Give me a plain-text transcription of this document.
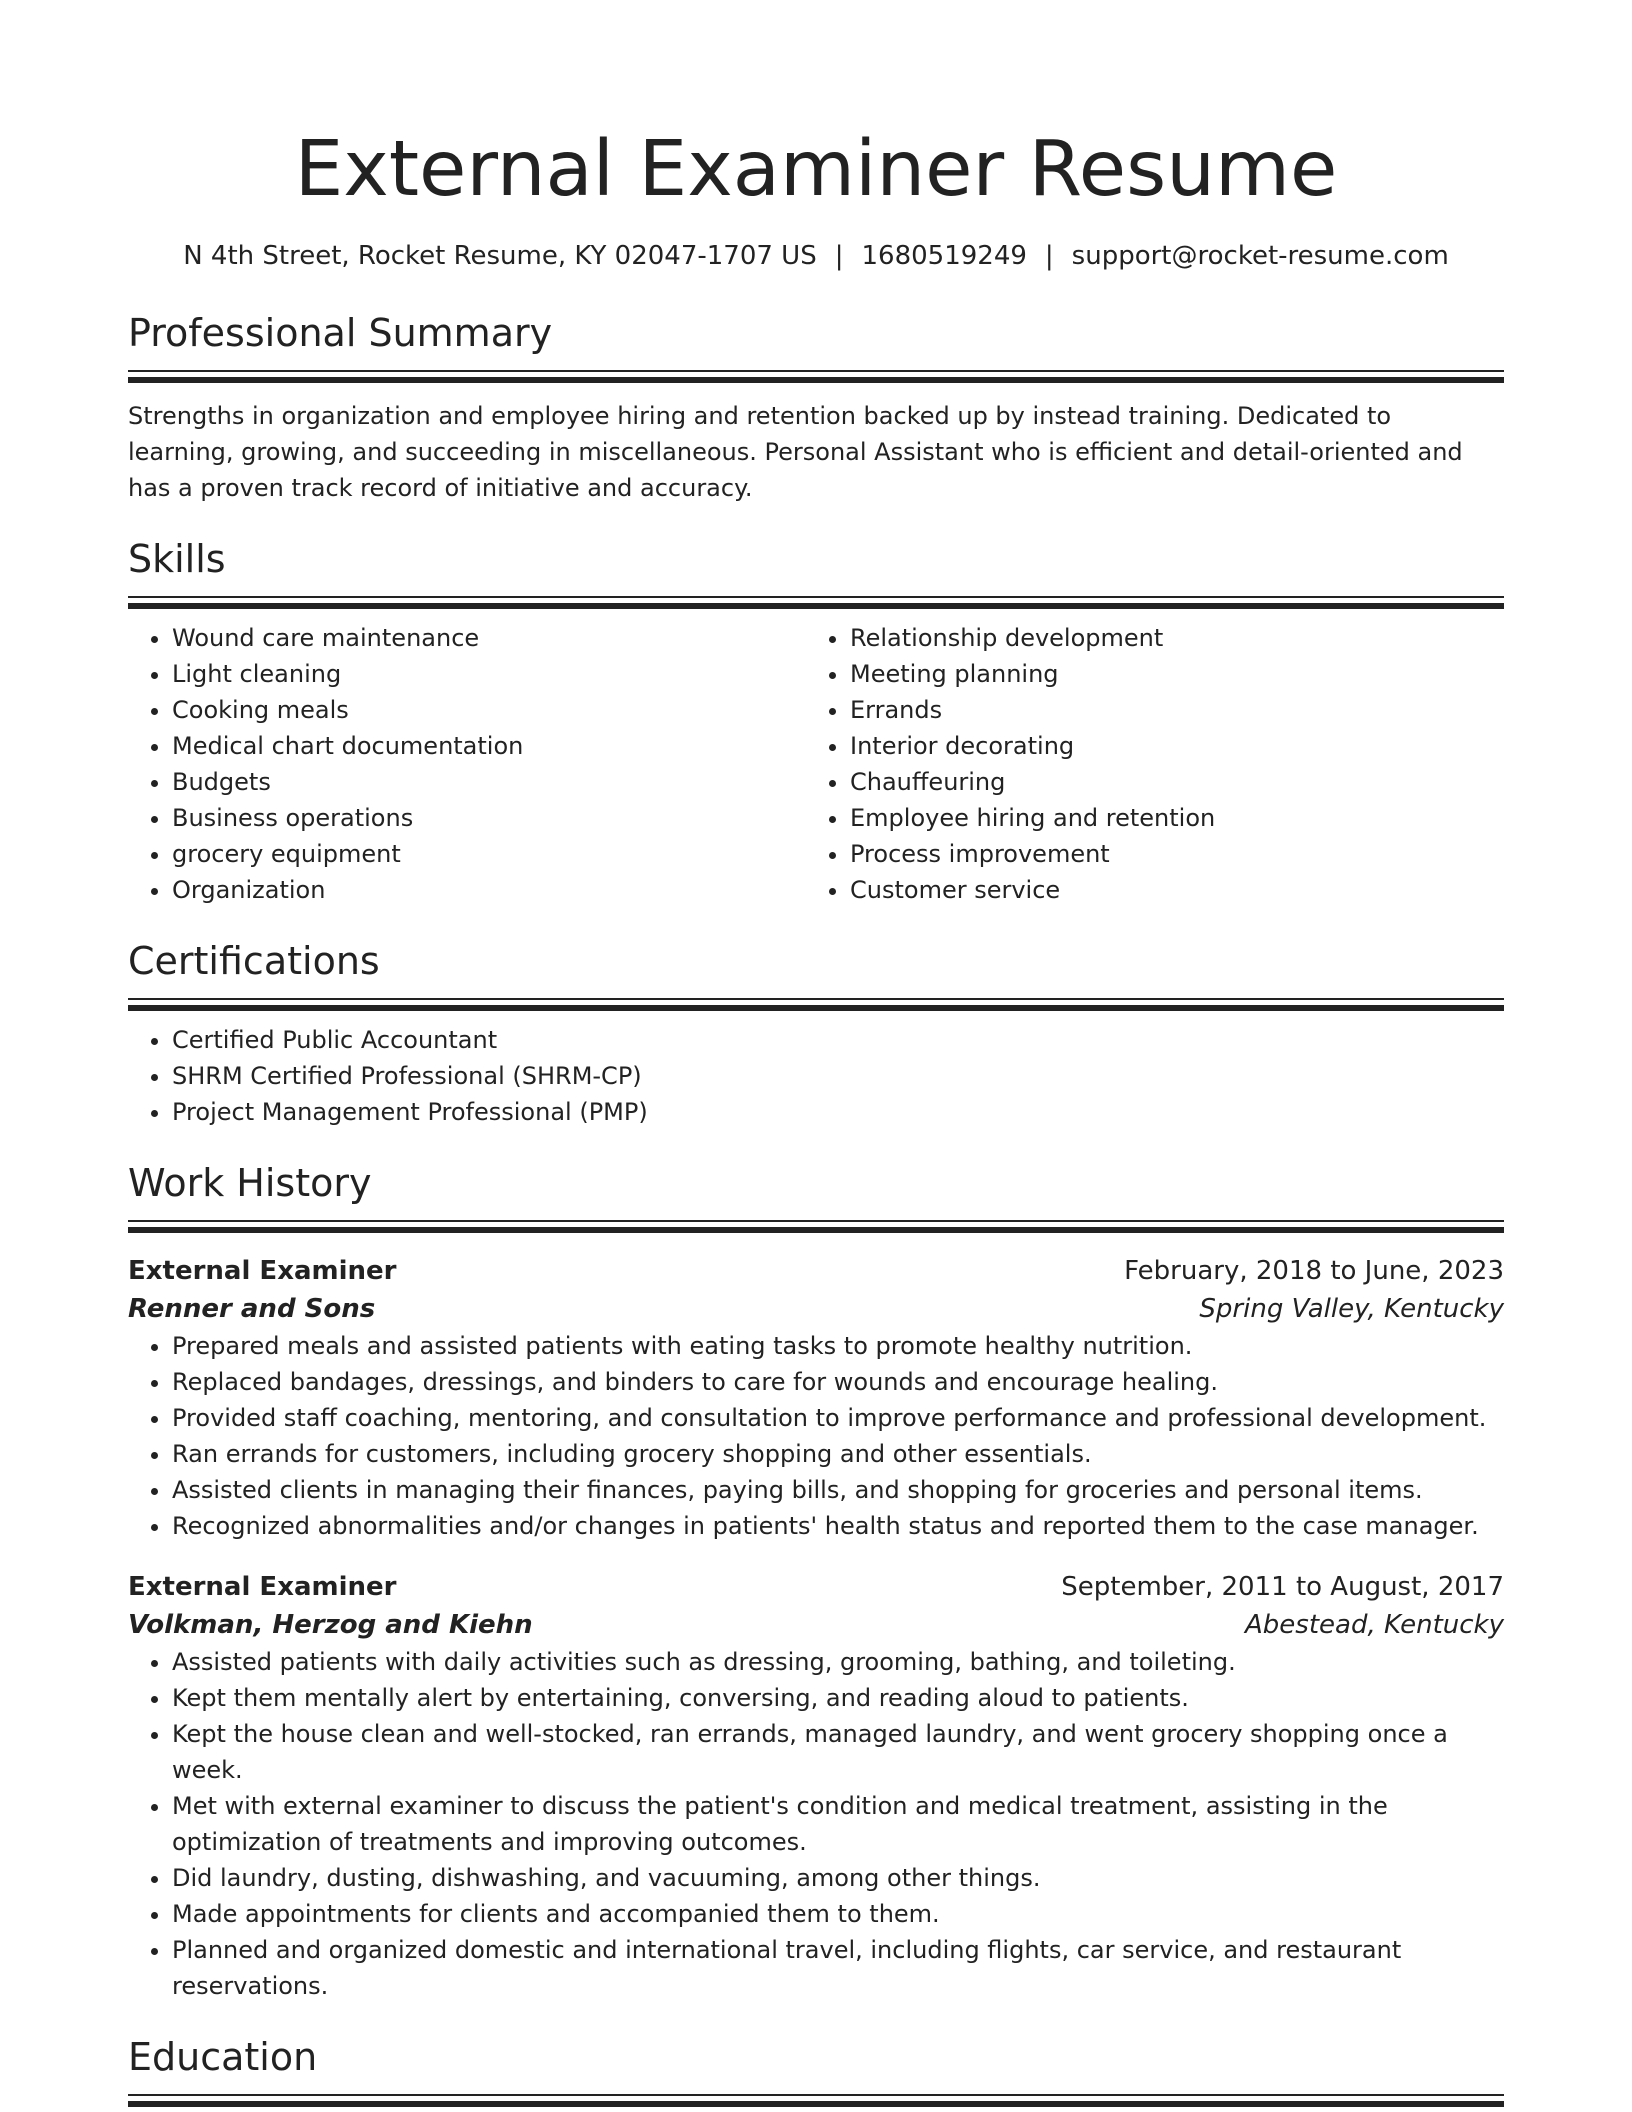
External Examiner Resume
N 4th Street, Rocket Resume, KY 02047-1707 US | 1680519249 | support@rocket-resume.com
Professional Summary
Strengths in organization and employee hiring and retention backed up by instead training. Dedicated to learning, growing, and succeeding in miscellaneous. Personal Assistant who is efficient and detail-oriented and has a proven track record of initiative and accuracy.
Skills
• Wound care maintenance
• Light cleaning
• Cooking meals
• Medical chart documentation
• Budgets
• Business operations
• grocery equipment
• Organization
• Relationship development
• Meeting planning
• Errands
• Interior decorating
• Chauffeuring
• Employee hiring and retention
• Process improvement
• Customer service
Certifications
• Certified Public Accountant
• SHRM Certified Professional (SHRM-CP)
• Project Management Professional (PMP)
Work History
External Examiner	February, 2018 to June, 2023
Renner and Sons	Spring Valley, Kentucky
• Prepared meals and assisted patients with eating tasks to promote healthy nutrition.
• Replaced bandages, dressings, and binders to care for wounds and encourage healing.
• Provided staff coaching, mentoring, and consultation to improve performance and professional development.
• Ran errands for customers, including grocery shopping and other essentials.
• Assisted clients in managing their finances, paying bills, and shopping for groceries and personal items.
• Recognized abnormalities and/or changes in patients' health status and reported them to the case manager.
External Examiner	September, 2011 to August, 2017
Volkman, Herzog and Kiehn	Abestead, Kentucky
• Assisted patients with daily activities such as dressing, grooming, bathing, and toileting.
• Kept them mentally alert by entertaining, conversing, and reading aloud to patients.
• Kept the house clean and well-stocked, ran errands, managed laundry, and went grocery shopping once a week.
• Met with external examiner to discuss the patient's condition and medical treatment, assisting in the optimization of treatments and improving outcomes.
• Did laundry, dusting, dishwashing, and vacuuming, among other things.
• Made appointments for clients and accompanied them to them.
• Planned and organized domestic and international travel, including flights, car service, and restaurant reservations.
Education
